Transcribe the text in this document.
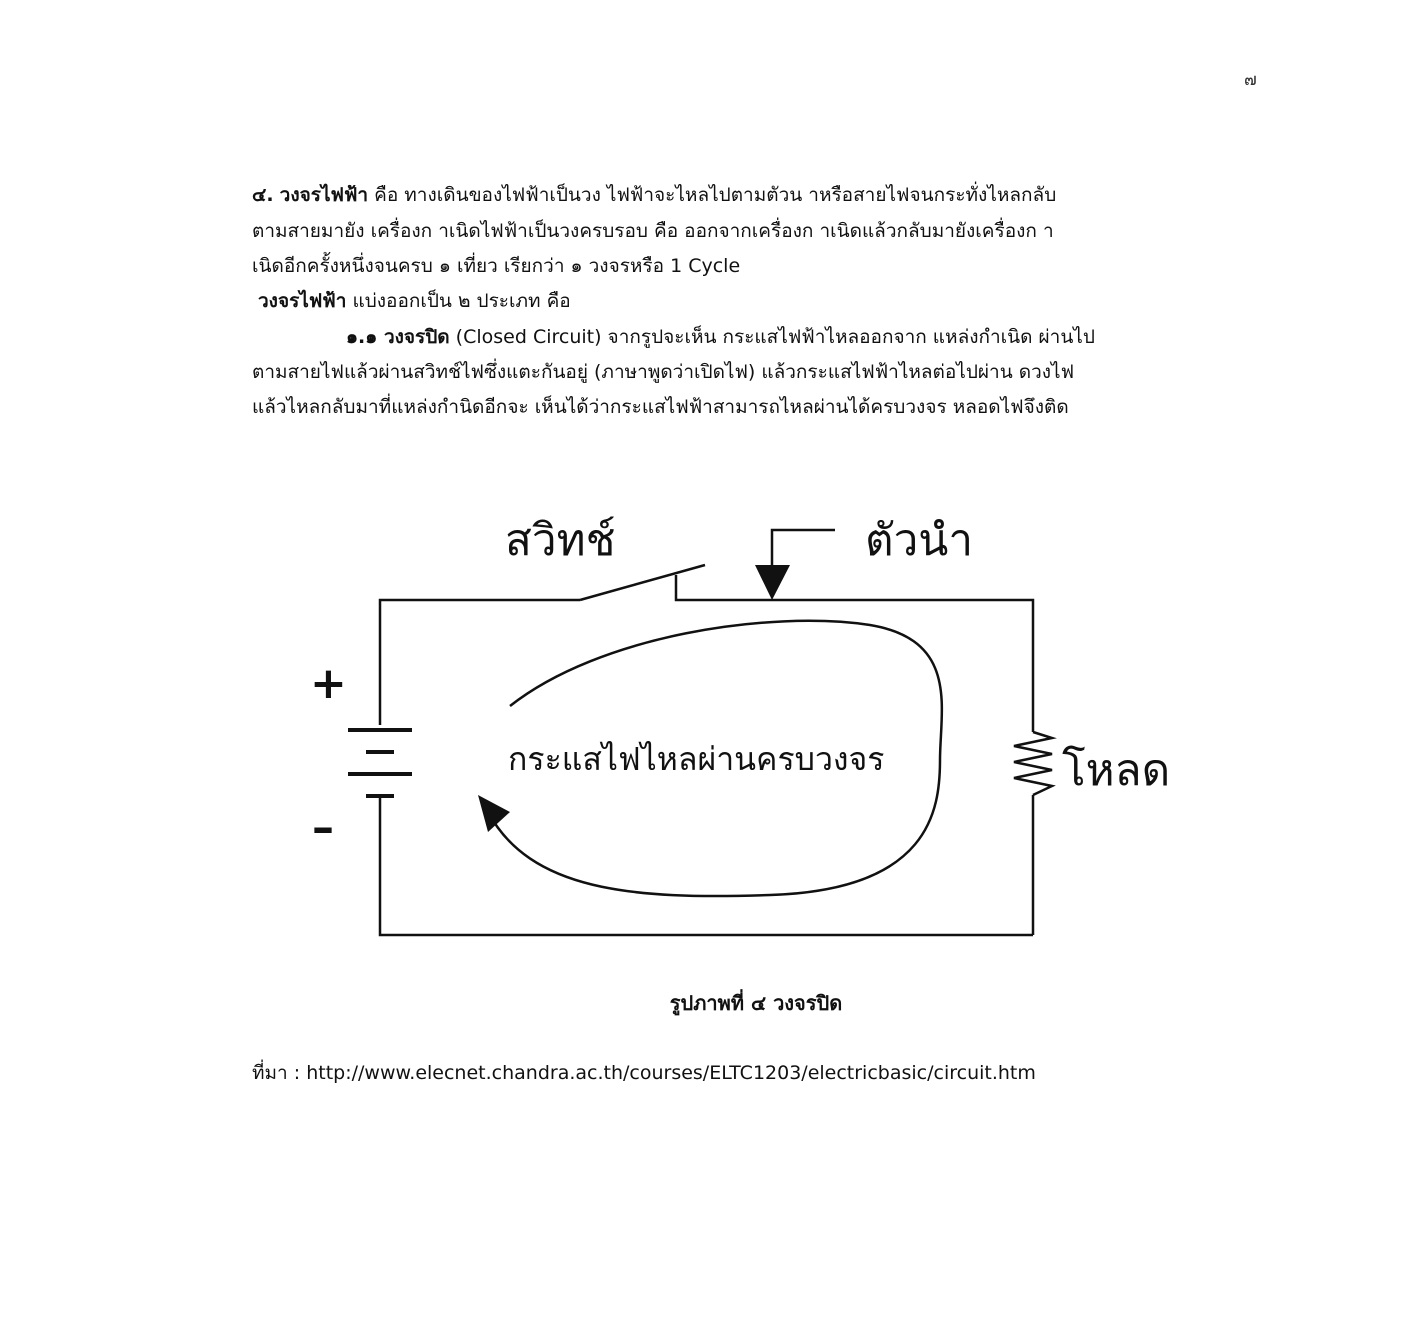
๗
๔. วงจรไฟฟ้า คือ ทางเดินของไฟฟ้าเป็นวง ไฟฟ้าจะไหลไปตามตัวน าหรือสายไฟจนกระทั่งไหลกลับ
ตามสายมายัง เครื่องก าเนิดไฟฟ้าเป็นวงครบรอบ คือ ออกจากเครื่องก าเนิดแล้วกลับมายังเครื่องก า
เนิดอีกครั้งหนึ่งจนครบ ๑ เที่ยว เรียกว่า ๑ วงจรหรือ 1 Cycle
วงจรไฟฟ้า แบ่งออกเป็น ๒ ประเภท คือ
๑.๑ วงจรปิด (Closed Circuit) จากรูปจะเห็น กระแสไฟฟ้าไหลออกจาก แหล่งกำเนิด ผ่านไป
ตามสายไฟแล้วผ่านสวิทช์ไฟซึ่งแตะกันอยู่ (ภาษาพูดว่าเปิดไฟ) แล้วกระแสไฟฟ้าไหลต่อไปผ่าน ดวงไฟ
แล้วไหลกลับมาที่แหล่งกำนิดอีกจะ เห็นได้ว่ากระแสไฟฟ้าสามารถไหลผ่านได้ครบวงจร หลอดไฟจึงติด
สวิทช์	ตัวนำ
โหลด
กระแสไฟไหลผ่านครบวงจร
+
–
รูปภาพที่ ๔ วงจรปิด
ที่มา : http://www.elecnet.chandra.ac.th/courses/ELTC1203/electricbasic/circuit.htm
